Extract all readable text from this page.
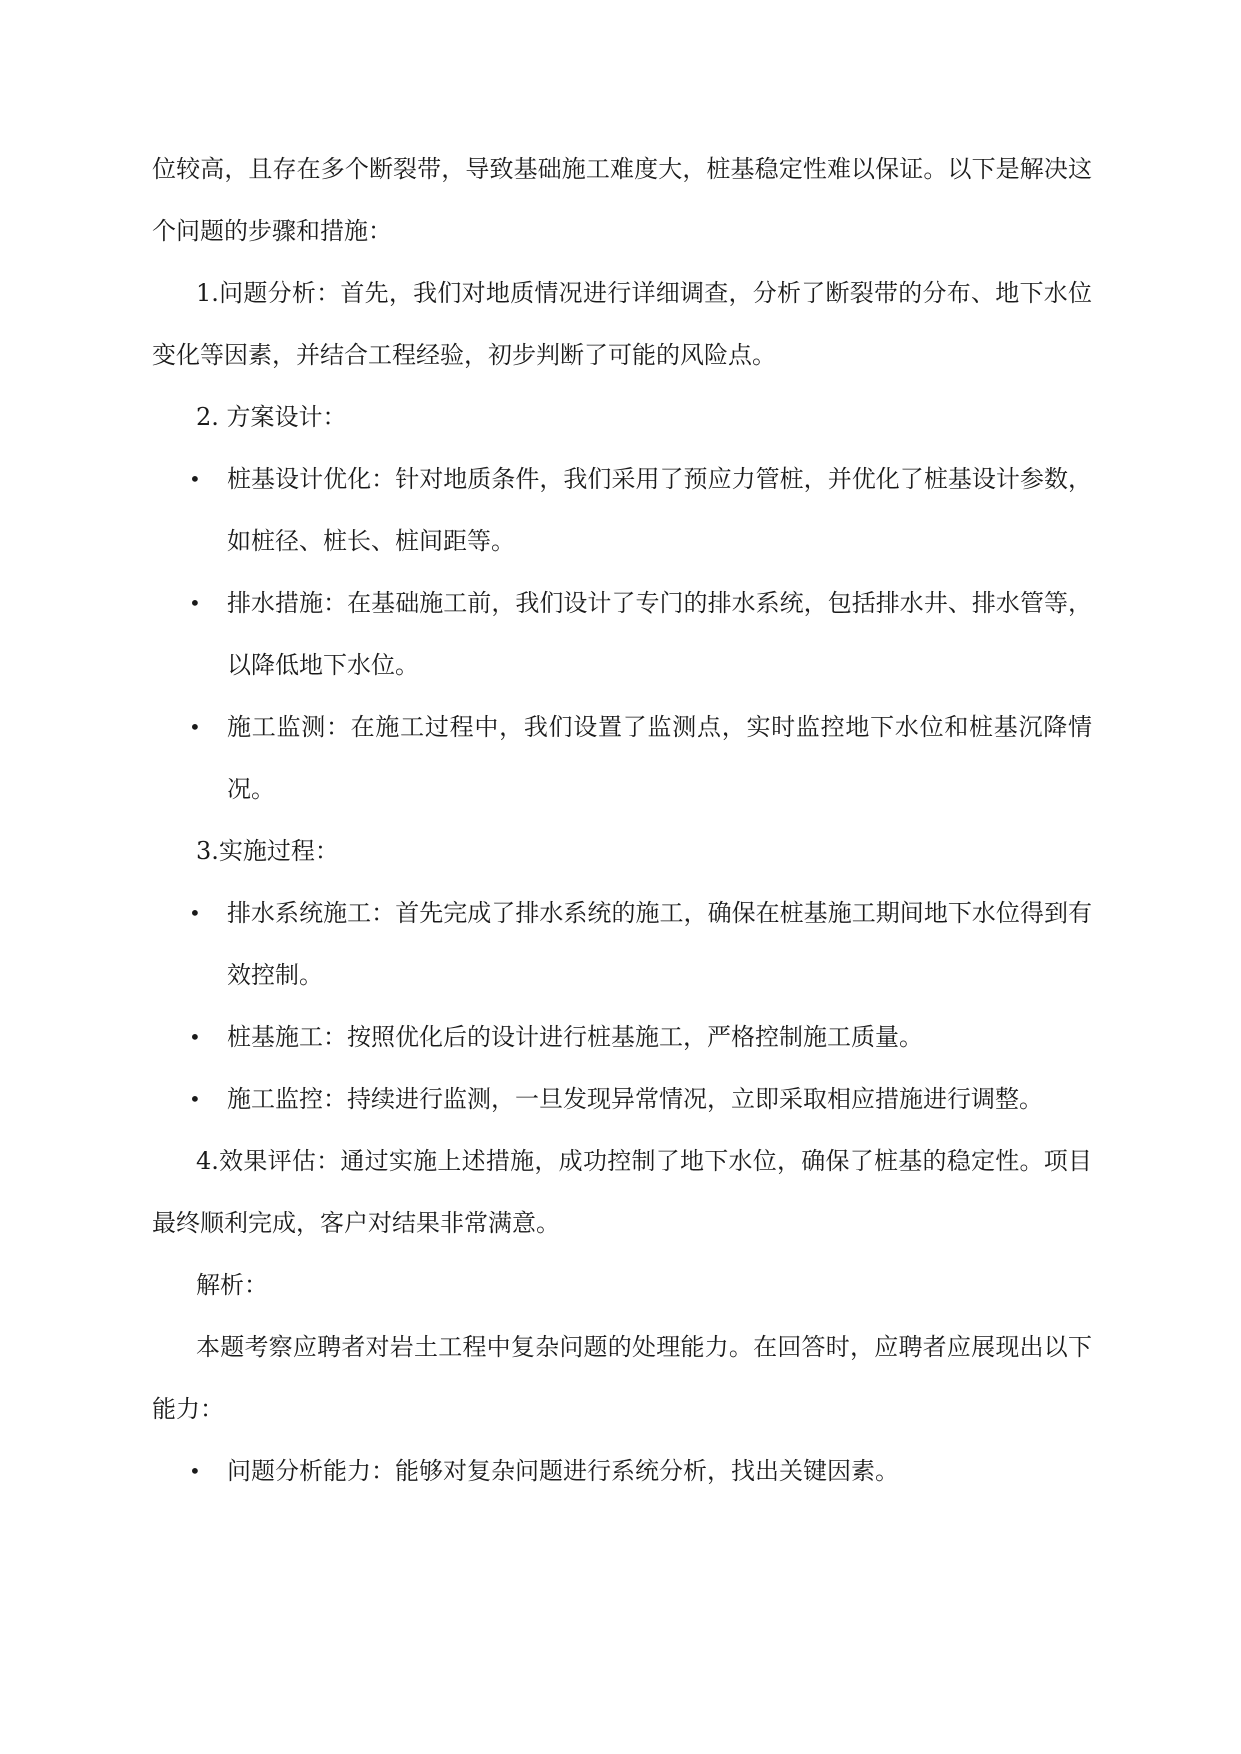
位较高，且存在多个断裂带，导致基础施工难度大，桩基稳定性难以保证。以下是解决这个问题的步骤和措施：

1.问题分析：首先，我们对地质情况进行详细调查，分析了断裂带的分布、地下水位变化等因素，并结合工程经验，初步判断了可能的风险点。

2. 方案设计：

• 桩基设计优化：针对地质条件，我们采用了预应力管桩，并优化了桩基设计参数，如桩径、桩长、桩间距等。
• 排水措施：在基础施工前，我们设计了专门的排水系统，包括排水井、排水管等，以降低地下水位。
• 施工监测：在施工过程中，我们设置了监测点，实时监控地下水位和桩基沉降情况。

3.实施过程：

• 排水系统施工：首先完成了排水系统的施工，确保在桩基施工期间地下水位得到有效控制。
• 桩基施工：按照优化后的设计进行桩基施工，严格控制施工质量。
• 施工监控：持续进行监测，一旦发现异常情况，立即采取相应措施进行调整。

4.效果评估：通过实施上述措施，成功控制了地下水位，确保了桩基的稳定性。项目最终顺利完成，客户对结果非常满意。

解析：

本题考察应聘者对岩土工程中复杂问题的处理能力。在回答时，应聘者应展现出以下能力：

• 问题分析能力：能够对复杂问题进行系统分析，找出关键因素。
